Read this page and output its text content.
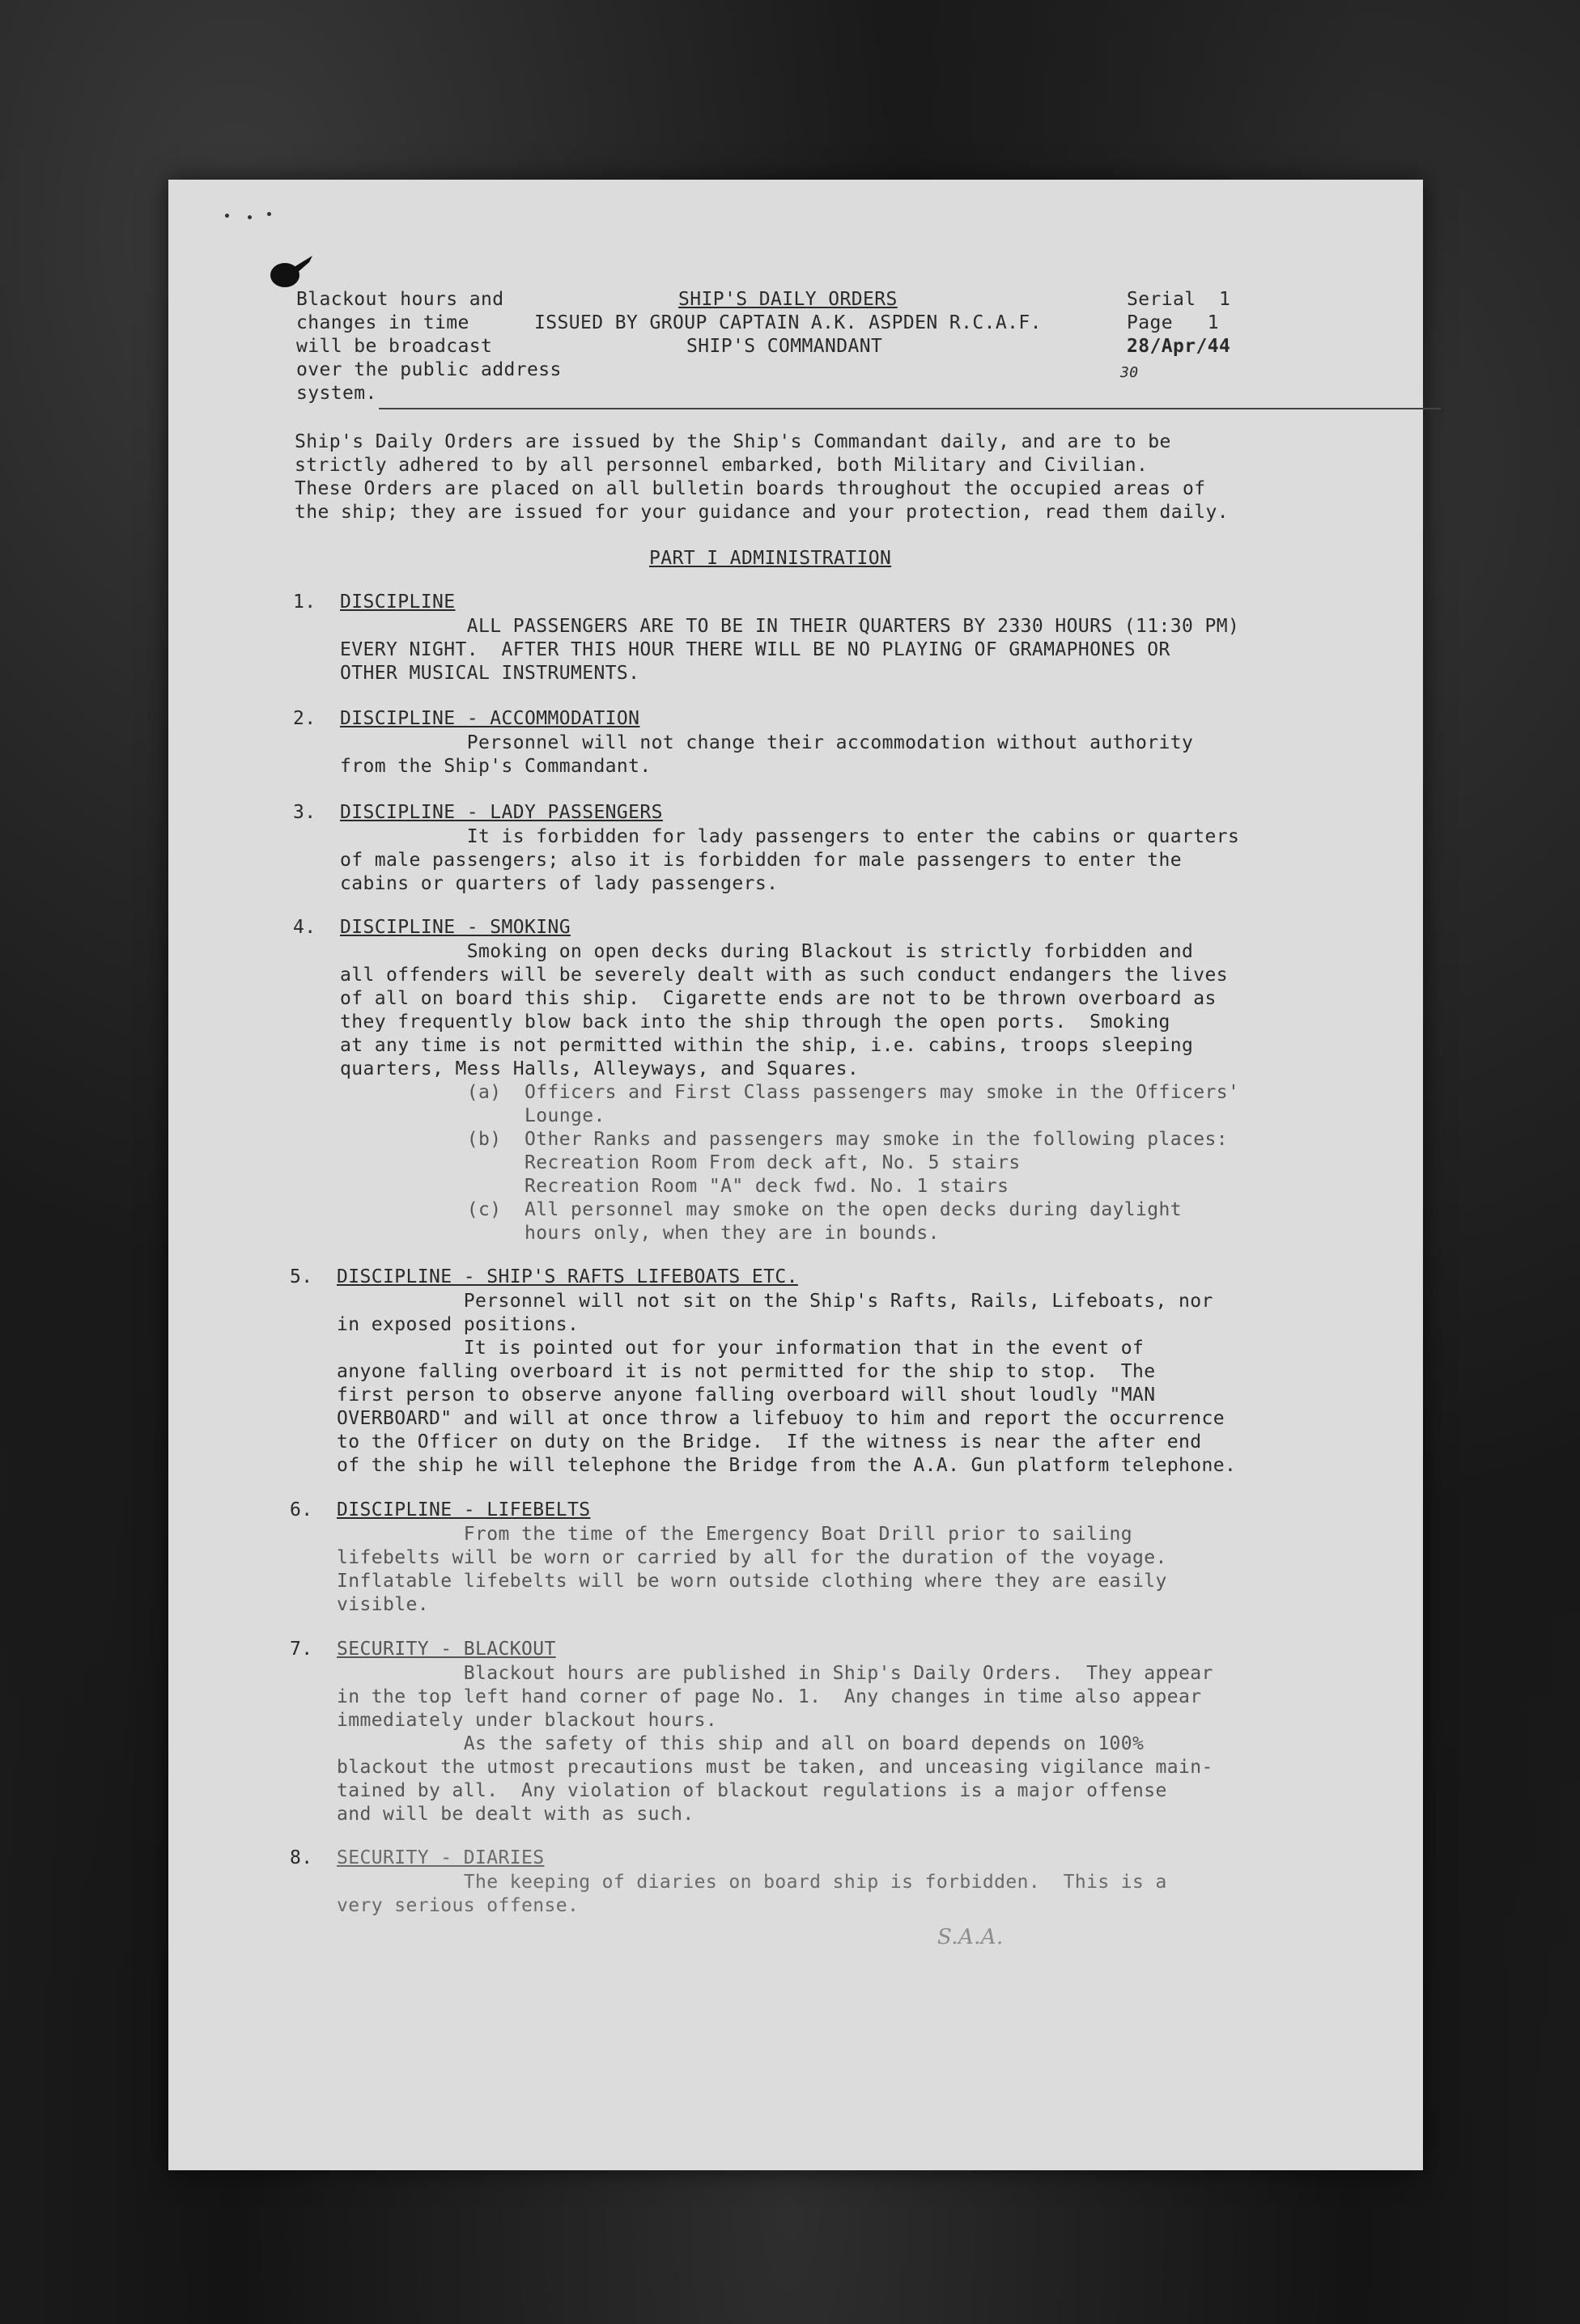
Blackout hours and
changes in time
will be broadcast
over the public address
system.
SHIP'S DAILY ORDERS
ISSUED BY GROUP CAPTAIN A.K. ASPDEN R.C.A.F.
SHIP'S COMMANDANT
Serial  1
Page   1
28/Apr/44
30
Ship's Daily Orders are issued by the Ship's Commandant daily, and are to be
strictly adhered to by all personnel embarked, both Military and Civilian.
These Orders are placed on all bulletin boards throughout the occupied areas of
the ship; they are issued for your guidance and your protection, read them daily.
PART I ADMINISTRATION
1. DISCIPLINE
ALL PASSENGERS ARE TO BE IN THEIR QUARTERS BY 2330 HOURS (11:30 PM)
EVERY NIGHT.  AFTER THIS HOUR THERE WILL BE NO PLAYING OF GRAMAPHONES OR
OTHER MUSICAL INSTRUMENTS.
2. DISCIPLINE - ACCOMMODATION
Personnel will not change their accommodation without authority
from the Ship's Commandant.
3. DISCIPLINE - LADY PASSENGERS
It is forbidden for lady passengers to enter the cabins or quarters
of male passengers; also it is forbidden for male passengers to enter the
cabins or quarters of lady passengers.
4. DISCIPLINE - SMOKING
Smoking on open decks during Blackout is strictly forbidden and
all offenders will be severely dealt with as such conduct endangers the lives
of all on board this ship.  Cigarette ends are not to be thrown overboard as
they frequently blow back into the ship through the open ports.  Smoking
at any time is not permitted within the ship, i.e. cabins, troops sleeping
quarters, Mess Halls, Alleyways, and Squares.
(a)  Officers and First Class passengers may smoke in the Officers'
Lounge.
(b)  Other Ranks and passengers may smoke in the following places:
Recreation Room From deck aft, No. 5 stairs
Recreation Room "A" deck fwd. No. 1 stairs
(c)  All personnel may smoke on the open decks during daylight
hours only, when they are in bounds.
5. DISCIPLINE - SHIP'S RAFTS LIFEBOATS ETC.
Personnel will not sit on the Ship's Rafts, Rails, Lifeboats, nor
in exposed positions.
It is pointed out for your information that in the event of
anyone falling overboard it is not permitted for the ship to stop.  The
first person to observe anyone falling overboard will shout loudly "MAN
OVERBOARD" and will at once throw a lifebuoy to him and report the occurrence
to the Officer on duty on the Bridge.  If the witness is near the after end
of the ship he will telephone the Bridge from the A.A. Gun platform telephone.
6. DISCIPLINE - LIFEBELTS
From the time of the Emergency Boat Drill prior to sailing
lifebelts will be worn or carried by all for the duration of the voyage.
Inflatable lifebelts will be worn outside clothing where they are easily
visible.
7. SECURITY - BLACKOUT
Blackout hours are published in Ship's Daily Orders.  They appear
in the top left hand corner of page No. 1.  Any changes in time also appear
immediately under blackout hours.
As the safety of this ship and all on board depends on 100%
blackout the utmost precautions must be taken, and unceasing vigilance main-
tained by all.  Any violation of blackout regulations is a major offense
and will be dealt with as such.
8. SECURITY - DIARIES
The keeping of diaries on board ship is forbidden.  This is a
very serious offense.
S.A.A.
